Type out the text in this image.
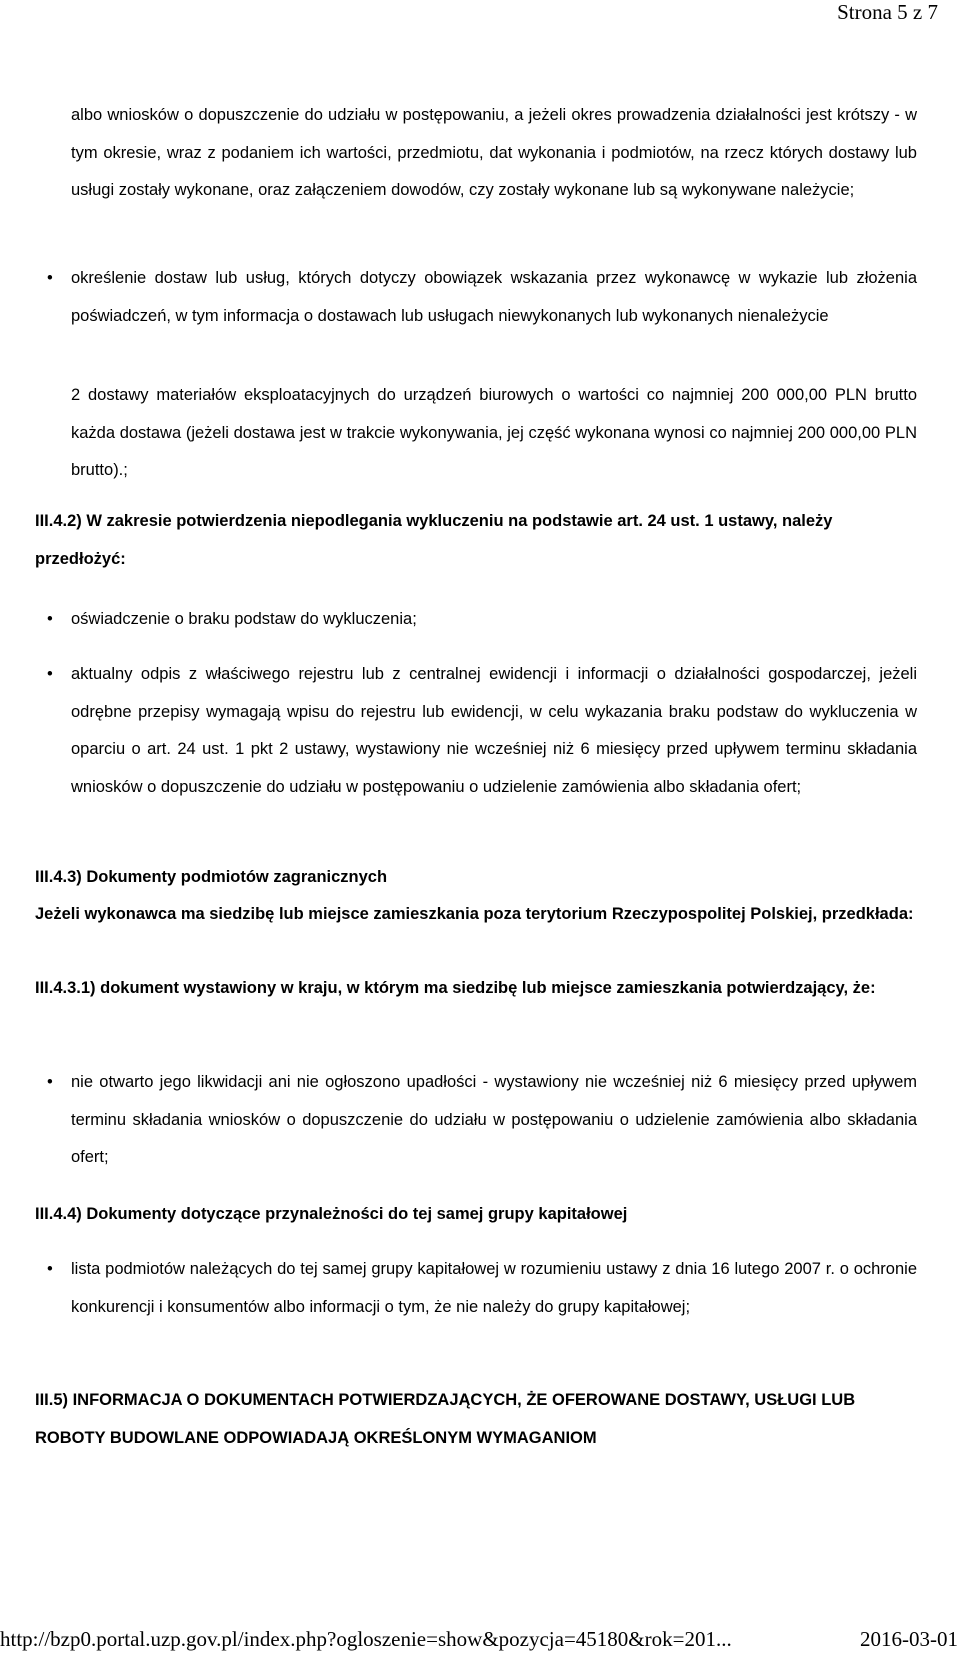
Strona 5 z 7
albo wniosków o dopuszczenie do udziału w postępowaniu, a jeżeli okres prowadzenia działalności jest krótszy - w tym okresie, wraz z podaniem ich wartości, przedmiotu, dat wykonania i podmiotów, na rzecz których dostawy lub usługi zostały wykonane, oraz załączeniem dowodów, czy zostały wykonane lub są wykonywane należycie;
• określenie dostaw lub usług, których dotyczy obowiązek wskazania przez wykonawcę w wykazie lub złożenia poświadczeń, w tym informacja o dostawach lub usługach niewykonanych lub wykonanych nienależycie
2 dostawy materiałów eksploatacyjnych do urządzeń biurowych o wartości co najmniej 200 000,00 PLN brutto każda dostawa (jeżeli dostawa jest w trakcie wykonywania, jej część wykonana wynosi co najmniej 200 000,00 PLN brutto).;
III.4.2) W zakresie potwierdzenia niepodlegania wykluczeniu na podstawie art. 24 ust. 1 ustawy, należy przedłożyć:
• oświadczenie o braku podstaw do wykluczenia;
• aktualny odpis z właściwego rejestru lub z centralnej ewidencji i informacji o działalności gospodarczej, jeżeli odrębne przepisy wymagają wpisu do rejestru lub ewidencji, w celu wykazania braku podstaw do wykluczenia w oparciu o art. 24 ust. 1 pkt 2 ustawy, wystawiony nie wcześniej niż 6 miesięcy przed upływem terminu składania wniosków o dopuszczenie do udziału w postępowaniu o udzielenie zamówienia albo składania ofert;
III.4.3) Dokumenty podmiotów zagranicznych
Jeżeli wykonawca ma siedzibę lub miejsce zamieszkania poza terytorium Rzeczypospolitej Polskiej, przedkłada:
III.4.3.1) dokument wystawiony w kraju, w którym ma siedzibę lub miejsce zamieszkania potwierdzający, że:
• nie otwarto jego likwidacji ani nie ogłoszono upadłości - wystawiony nie wcześniej niż 6 miesięcy przed upływem terminu składania wniosków o dopuszczenie do udziału w postępowaniu o udzielenie zamówienia albo składania ofert;
III.4.4) Dokumenty dotyczące przynależności do tej samej grupy kapitałowej
• lista podmiotów należących do tej samej grupy kapitałowej w rozumieniu ustawy z dnia 16 lutego 2007 r. o ochronie konkurencji i konsumentów albo informacji o tym, że nie należy do grupy kapitałowej;
III.5) INFORMACJA O DOKUMENTACH POTWIERDZAJĄCYCH, ŻE OFEROWANE DOSTAWY, USŁUGI LUB ROBOTY BUDOWLANE ODPOWIADAJĄ OKREŚLONYM WYMAGANIOM
http://bzp0.portal.uzp.gov.pl/index.php?ogloszenie=show&pozycja=45180&rok=201...	2016-03-01
